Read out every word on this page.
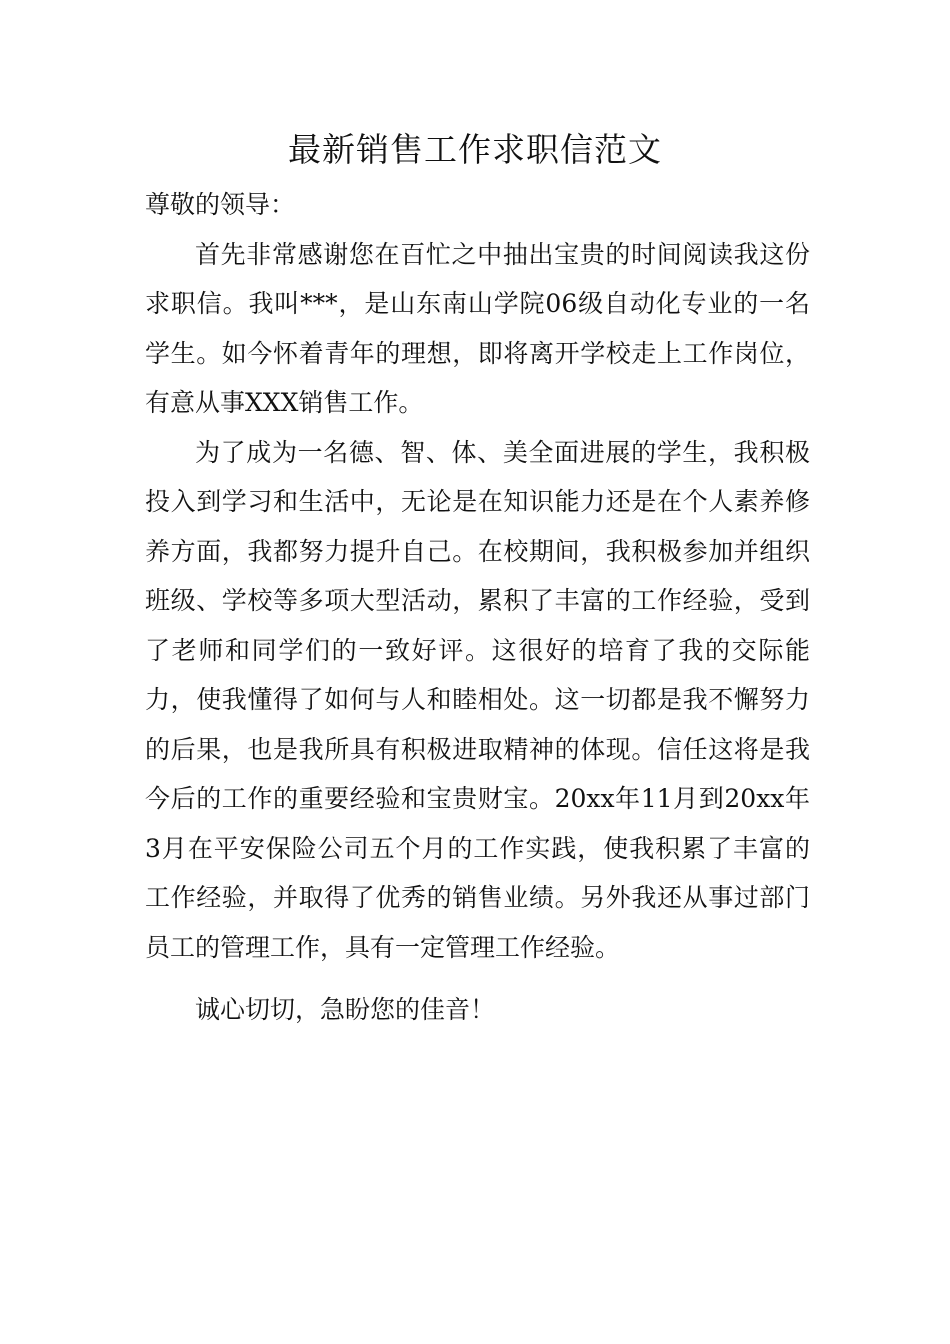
最新销售工作求职信范文

尊敬的领导：

首先非常感谢您在百忙之中抽出宝贵的时间阅读我这份求职信。我叫***，是山东南山学院06级自动化专业的一名学生。如今怀着青年的理想，即将离开学校走上工作岗位，有意从事XXX销售工作。

为了成为一名德、智、体、美全面进展的学生，我积极投入到学习和生活中，无论是在知识能力还是在个人素养修养方面，我都努力提升自己。在校期间，我积极参加并组织班级、学校等多项大型活动，累积了丰富的工作经验，受到了老师和同学们的一致好评。这很好的培育了我的交际能力，使我懂得了如何与人和睦相处。这一切都是我不懈努力的后果，也是我所具有积极进取精神的体现。信任这将是我今后的工作的重要经验和宝贵财宝。20xx年11月到20xx年3月在平安保险公司五个月的工作实践，使我积累了丰富的工作经验，并取得了优秀的销售业绩。另外我还从事过部门员工的管理工作，具有一定管理工作经验。

诚心切切，急盼您的佳音！
